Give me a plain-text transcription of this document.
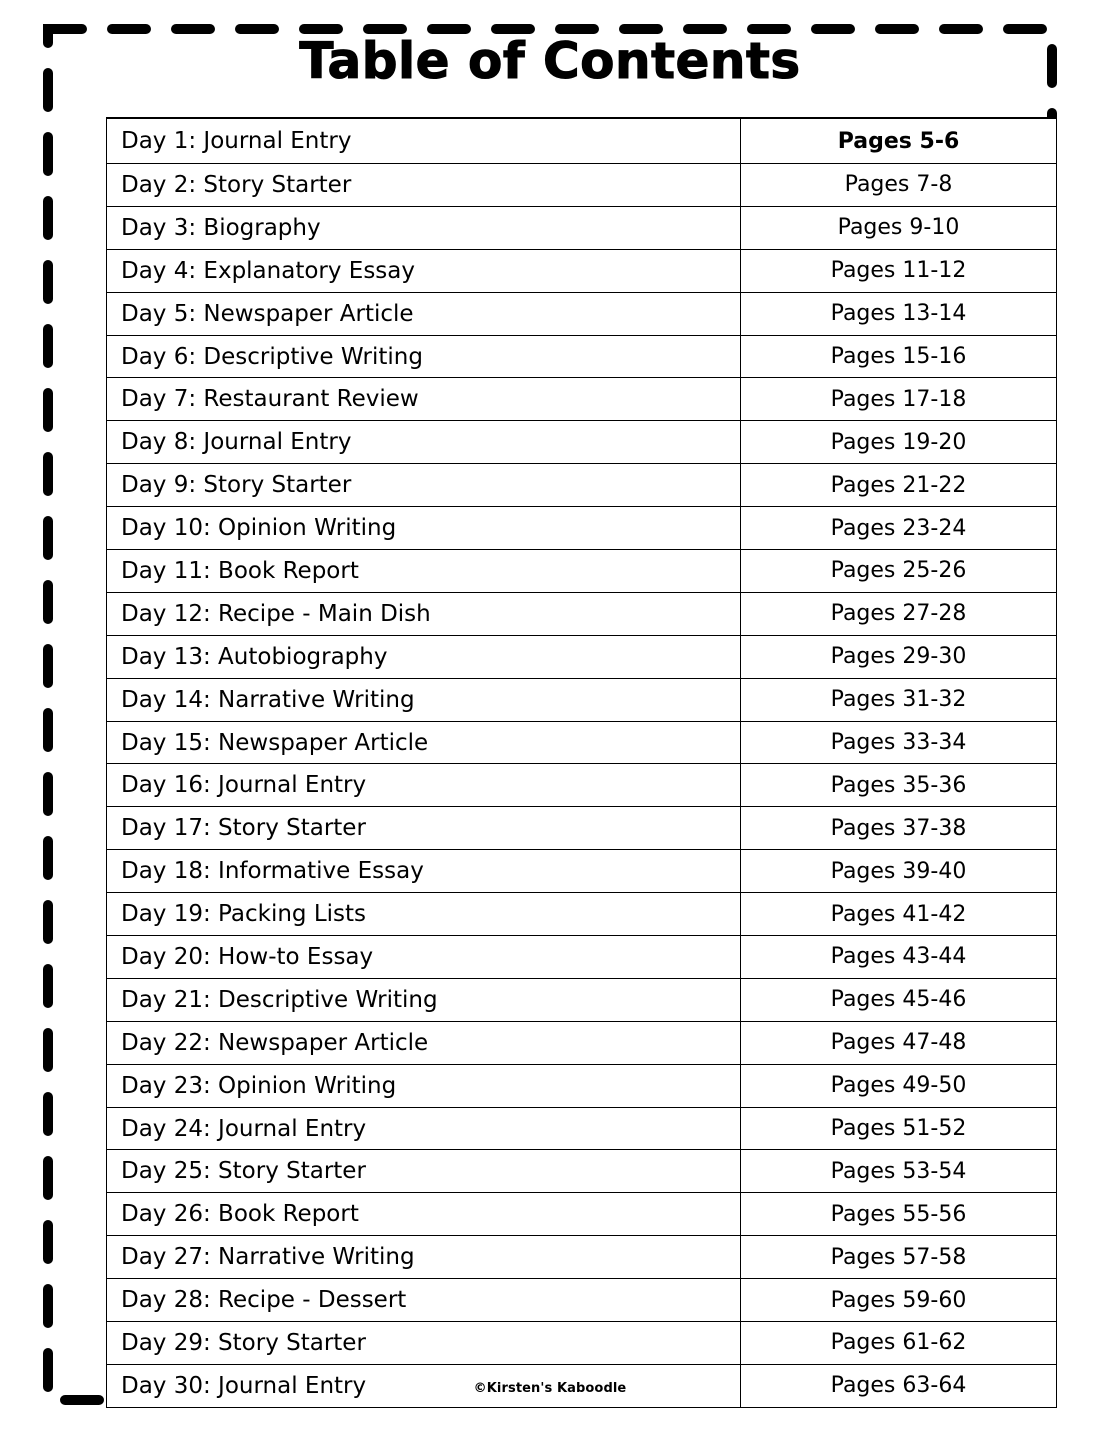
Table of Contents
Day 1: Journal Entry	Pages 5-6
Day 2: Story Starter	Pages 7-8
Day 3: Biography	Pages 9-10
Day 4: Explanatory Essay	Pages 11-12
Day 5: Newspaper Article	Pages 13-14
Day 6: Descriptive Writing	Pages 15-16
Day 7: Restaurant Review	Pages 17-18
Day 8: Journal Entry	Pages 19-20
Day 9: Story Starter	Pages 21-22
Day 10: Opinion Writing	Pages 23-24
Day 11: Book Report	Pages 25-26
Day 12: Recipe - Main Dish	Pages 27-28
Day 13: Autobiography	Pages 29-30
Day 14: Narrative Writing	Pages 31-32
Day 15: Newspaper Article	Pages 33-34
Day 16: Journal Entry	Pages 35-36
Day 17: Story Starter	Pages 37-38
Day 18: Informative Essay	Pages 39-40
Day 19: Packing Lists	Pages 41-42
Day 20: How-to Essay	Pages 43-44
Day 21: Descriptive Writing	Pages 45-46
Day 22: Newspaper Article	Pages 47-48
Day 23: Opinion Writing	Pages 49-50
Day 24: Journal Entry	Pages 51-52
Day 25: Story Starter	Pages 53-54
Day 26: Book Report	Pages 55-56
Day 27: Narrative Writing	Pages 57-58
Day 28: Recipe - Dessert	Pages 59-60
Day 29: Story Starter	Pages 61-62
Day 30: Journal Entry	Pages 63-64
©Kirsten's Kaboodle
